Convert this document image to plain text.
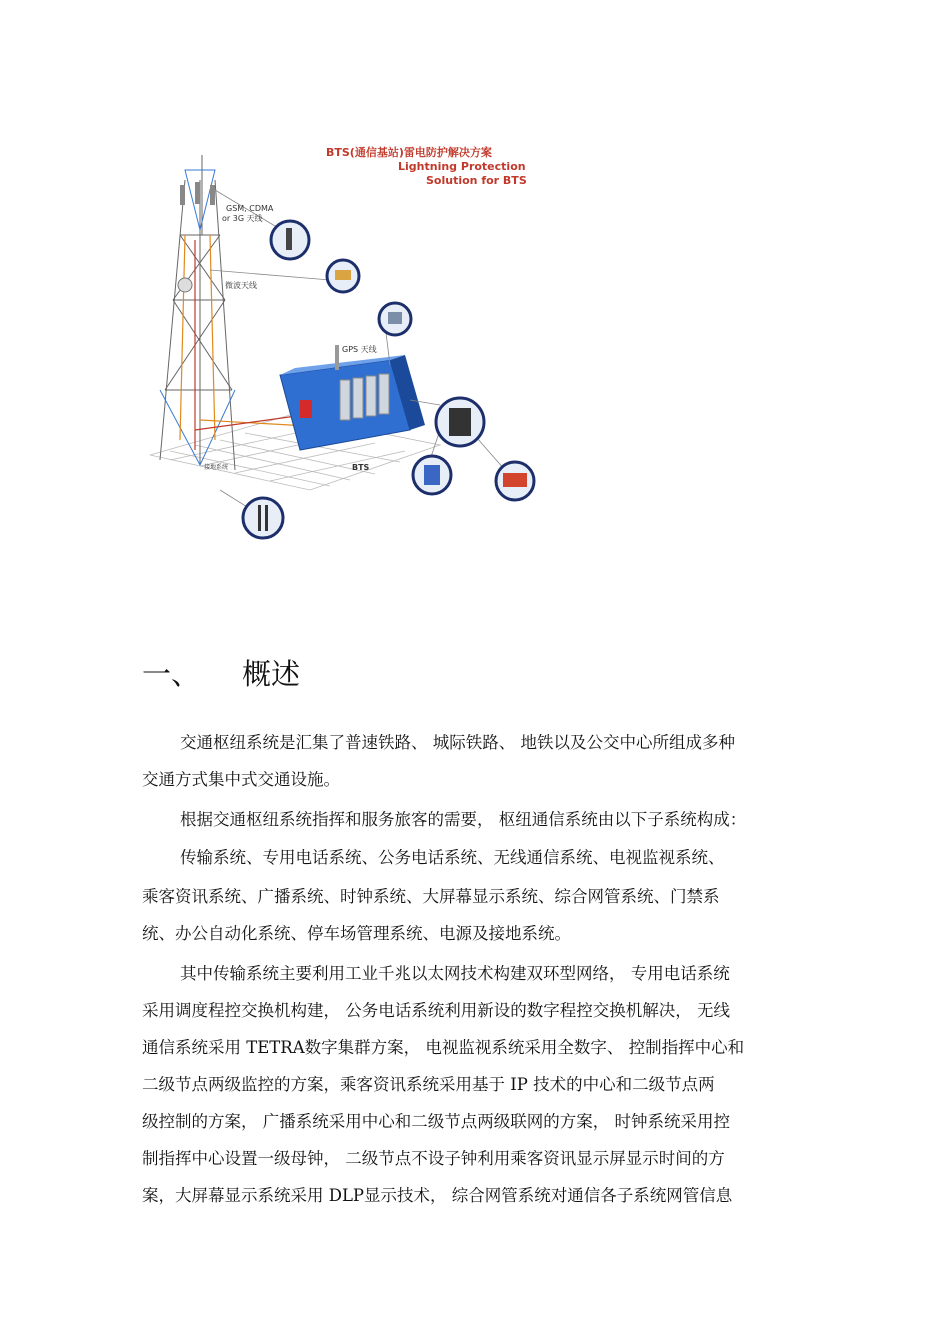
BTS(通信基站)雷电防护解决方案
Lightning Protection
Solution for BTS
GSM, CDMA
or 3G 天线
微波天线
GPS 天线
BTS
接地系统
一、 概述
交通枢纽系统是汇集了普速铁路、 城际铁路、 地铁以及公交中心所组成多种
交通方式集中式交通设施。
根据交通枢纽系统指挥和服务旅客的需要， 枢纽通信系统由以下子系统构成：
传输系统、专用电话系统、公务电话系统、无线通信系统、电视监视系统、
乘客资讯系统、广播系统、时钟系统、大屏幕显示系统、综合网管系统、门禁系
统、办公自动化系统、停车场管理系统、电源及接地系统。
其中传输系统主要利用工业千兆以太网技术构建双环型网络， 专用电话系统
采用调度程控交换机构建， 公务电话系统利用新设的数字程控交换机解决， 无线
通信系统采用 TETRA数字集群方案， 电视监视系统采用全数字、 控制指挥中心和
二级节点两级监控的方案，乘客资讯系统采用基于 IP 技术的中心和二级节点两
级控制的方案， 广播系统采用中心和二级节点两级联网的方案， 时钟系统采用控
制指挥中心设置一级母钟， 二级节点不设子钟利用乘客资讯显示屏显示时间的方
案，大屏幕显示系统采用 DLP显示技术， 综合网管系统对通信各子系统网管信息
